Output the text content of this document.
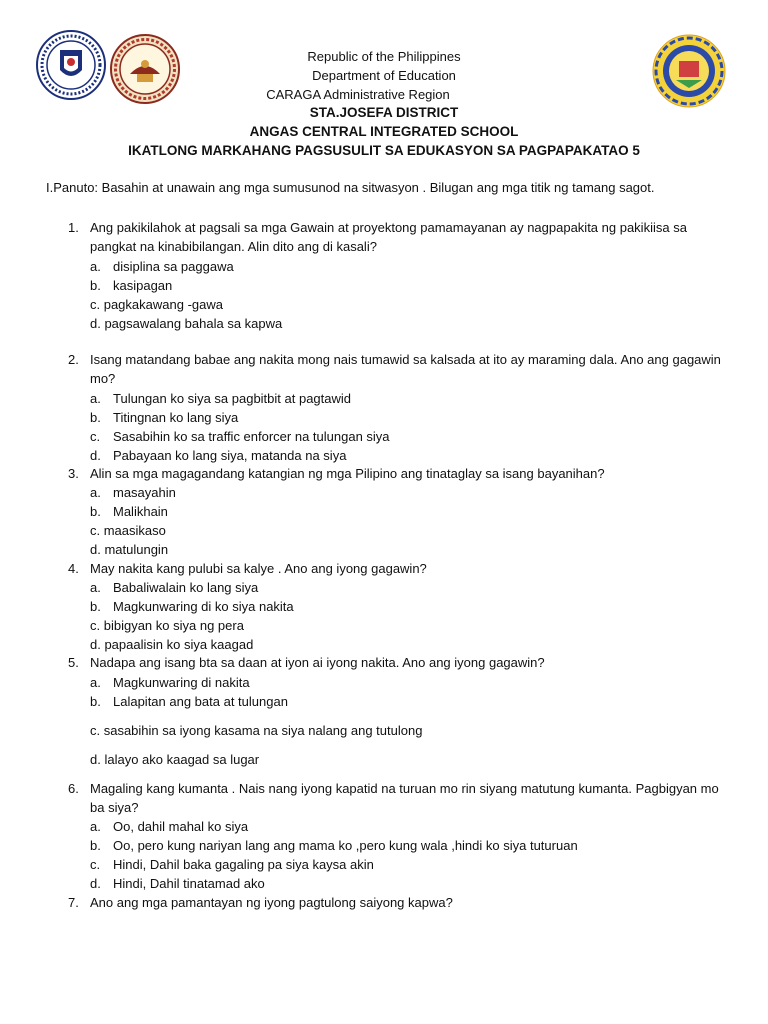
Republic of the Philippines
Department of Education
CARAGA Administrative Region
STA.JOSEFA DISTRICT
ANGAS CENTRAL INTEGRATED SCHOOL
IKATLONG MARKAHANG PAGSUSULIT SA EDUKASYON SA PAGPAPAKATAO 5
I.Panuto: Basahin at unawain ang mga sumusunod na sitwasyon . Bilugan ang mga titik ng tamang sagot.
1. Ang pakikilahok at pagsali sa mga Gawain at proyektong pamamayanan ay nagpapakita ng pakikiisa sa pangkat na kinabibilangan. Alin dito ang di kasali?
a. disiplina sa paggawa
b. kasipagan
c. pagkakawang -gawa
d. pagsawalang bahala sa kapwa
2. Isang matandang babae ang nakita mong nais tumawid sa kalsada at ito ay maraming dala. Ano ang gagawin mo?
a. Tulungan ko siya sa pagbitbit at pagtawid
b. Titingnan ko lang siya
c. Sasabihin ko sa traffic enforcer na tulungan siya
d. Pabayaan ko lang siya, matanda na siya
3. Alin sa mga magagandang katangian ng mga Pilipino ang tinataglay sa isang bayanihan?
a. masayahin
b. Malikhain
c. maasikaso
d. matulungin
4. May nakita kang pulubi sa kalye . Ano ang iyong gagawin?
a. Babaliwalain ko lang siya
b. Magkunwaring di ko siya nakita
c. bibigyan ko siya ng pera
d. papaalisin ko siya kaagad
5. Nadapa ang isang bta sa daan at iyon ai iyong nakita. Ano ang iyong gagawin?
a. Magkunwaring di nakita
b. Lalapitan ang bata at tulungan
c. sasabihin sa iyong kasama na siya nalang ang tutulong
d. lalayo ako kaagad sa lugar
6. Magaling kang kumanta . Nais nang iyong kapatid na turuan mo rin siyang matutung kumanta. Pagbigyan mo ba siya?
a. Oo, dahil mahal ko siya
b. Oo, pero kung nariyan lang ang mama ko ,pero kung wala ,hindi ko siya tuturuan
c. Hindi, Dahil baka gagaling pa siya kaysa akin
d. Hindi, Dahil tinatamad ako
7. Ano ang mga pamantayan ng iyong pagtulong saiyong kapwa?
